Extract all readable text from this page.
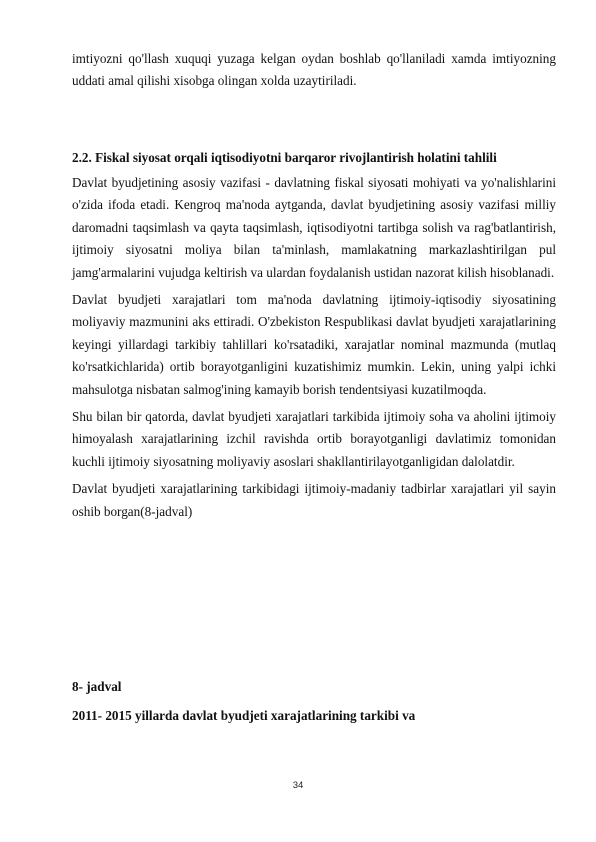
imtiyozni qo'llash xuquqi yuzaga kelgan oydan boshlab qo'llaniladi xamda imtiyozning uddati amal qilishi xisobga olingan xolda uzaytiriladi.

2.2. Fiskal siyosat orqali iqtisodiyotni barqaror rivojlantirish holatini tahlili

Davlat byudjetining asosiy vazifasi - davlatning fiskal siyosati mohiyati va yo'nalishlarini o'zida ifoda etadi. Kengroq ma'noda aytganda, davlat byudjetining asosiy vazifasi milliy daromadni taqsimlash va qayta taqsimlash, iqtisodiyotni tartibga solish va rag'batlantirish, ijtimoiy siyosatni moliya bilan ta'minlash, mamlakatning markazlashtirilgan pul jamg'armalarini vujudga keltirish va ulardan foydalanish ustidan nazorat kilish hisoblanadi.

Davlat byudjeti xarajatlari tom ma'noda davlatning ijtimoiy-iqtisodiy siyosatining moliyaviy mazmunini aks ettiradi. O'zbekiston Respublikasi davlat byudjeti xarajatlarining keyingi yillardagi tarkibiy tahlillari ko'rsatadiki, xarajatlar nominal mazmunda (mutlaq ko'rsatkichlarida) ortib borayotganligini kuzatishimiz mumkin. Lekin, uning yalpi ichki mahsulotga nisbatan salmog'ining kamayib borish tendentsiyasi kuzatilmoqda.

Shu bilan bir qatorda, davlat byudjeti xarajatlari tarkibida ijtimoiy soha va aholini ijtimoiy himoyalash xarajatlarining izchil ravishda ortib borayotganligi davlatimiz tomonidan kuchli ijtimoiy siyosatning moliyaviy asoslari shakllantirilayotganligidan dalolatdir.

Davlat byudjeti xarajatlarining tarkibidagi ijtimoiy-madaniy tadbirlar xarajatlari yil sayin oshib borgan(8-jadval)

8- jadval

2011- 2015 yillarda davlat byudjeti xarajatlarining tarkibi va

34
